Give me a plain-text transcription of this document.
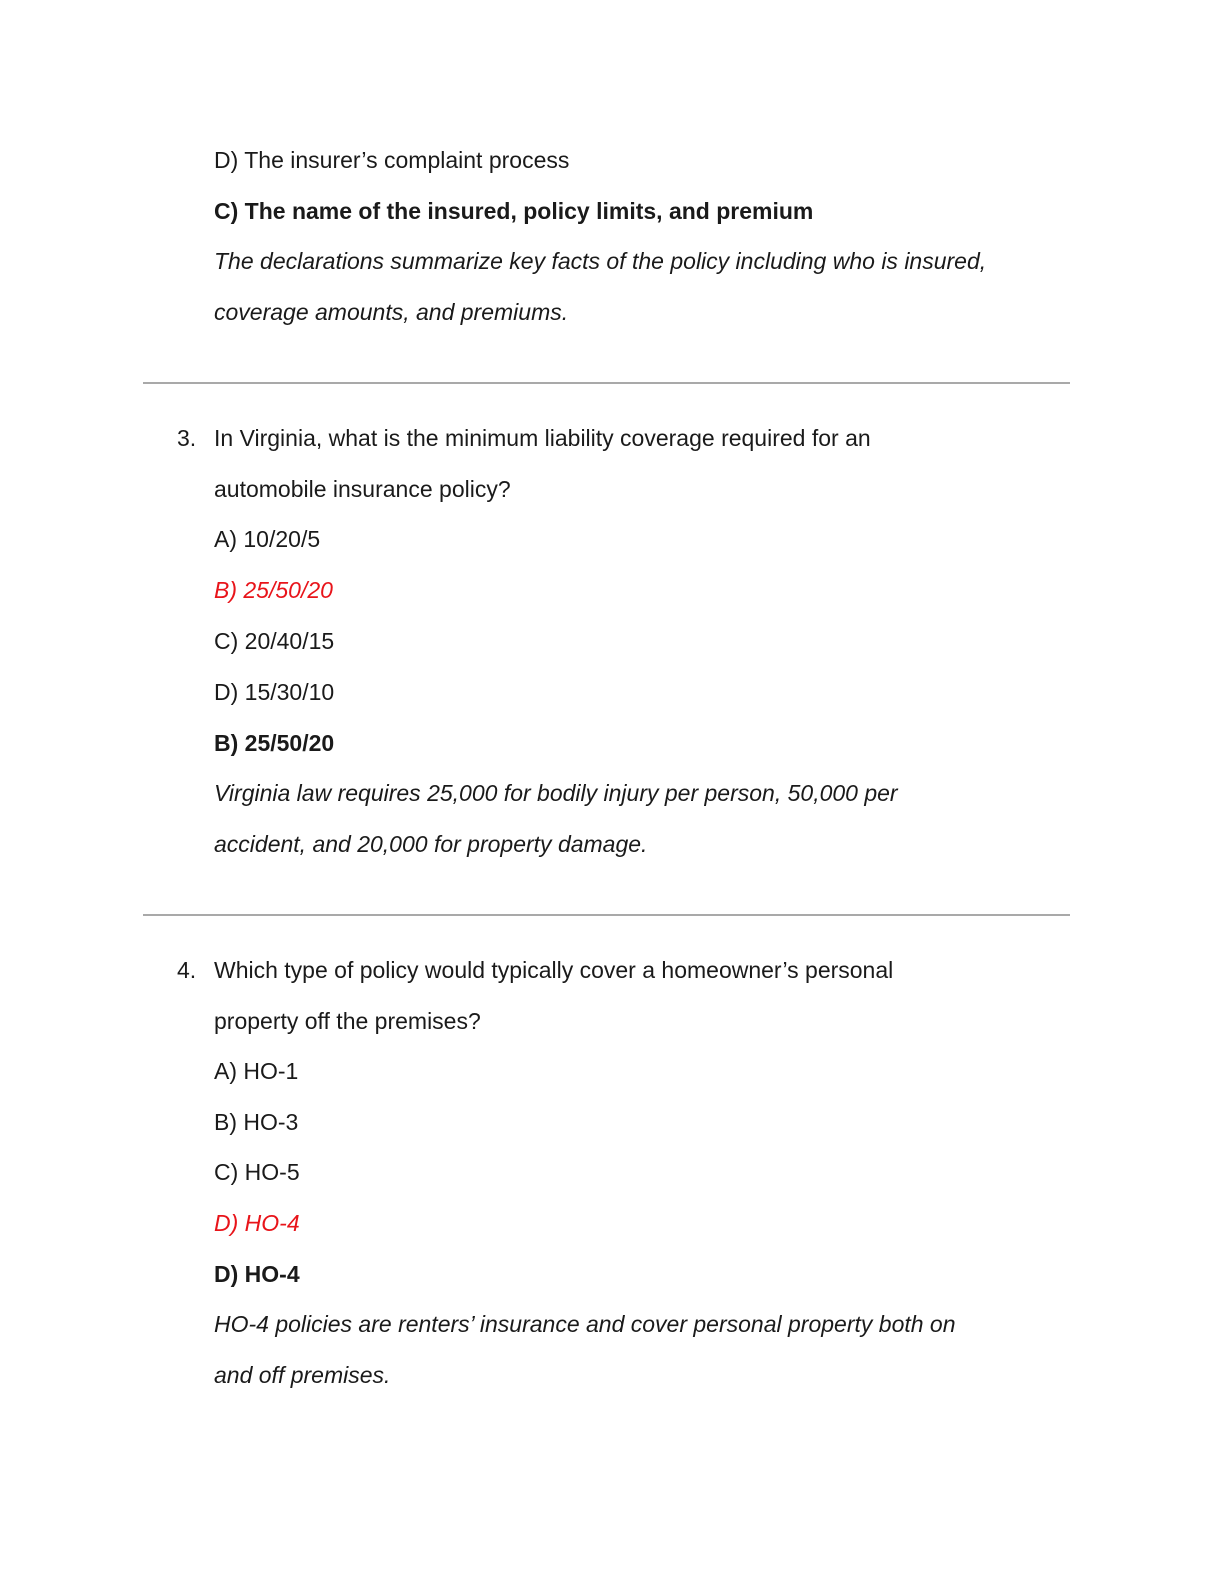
D) The insurer’s complaint process
C) The name of the insured, policy limits, and premium
The declarations summarize key facts of the policy including who is insured,
coverage amounts, and premiums.
3. In Virginia, what is the minimum liability coverage required for an
automobile insurance policy?
A) 10/20/5
B) 25/50/20
C) 20/40/15
D) 15/30/10
B) 25/50/20
Virginia law requires 25,000 for bodily injury per person, 50,000 per
accident, and 20,000 for property damage.
4. Which type of policy would typically cover a homeowner’s personal
property off the premises?
A) HO-1
B) HO-3
C) HO-5
D) HO-4
D) HO-4
HO-4 policies are renters’ insurance and cover personal property both on
and off premises.
